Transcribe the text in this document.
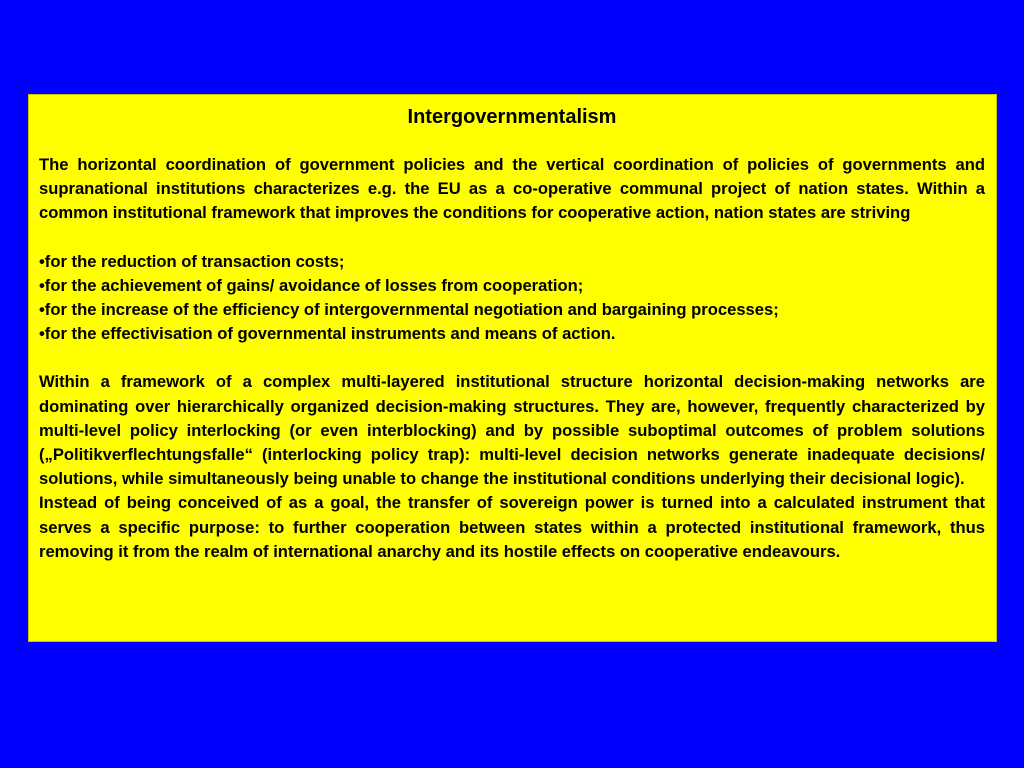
Intergovernmentalism

The horizontal coordination of government policies and the vertical coordination of policies of governments and supranational institutions characterizes e.g. the EU as a co-operative communal project of nation states. Within a common institutional framework that improves the conditions for cooperative action, nation states are striving

•for the reduction of transaction costs;
•for the achievement of gains/ avoidance of losses from cooperation;
•for the increase of the efficiency of intergovernmental negotiation and bargaining processes;
•for the effectivisation of governmental instruments and means of action.

Within a framework of a complex multi-layered institutional structure horizontal decision-making networks are dominating over hierarchically organized decision-making structures. They are, however, frequently characterized by multi-level policy interlocking (or even interblocking) and by possible suboptimal outcomes of problem solutions („Politikverflechtungsfalle“ (interlocking policy trap): multi-level decision networks generate inadequate decisions/ solutions, while simultaneously being unable to change the institutional conditions underlying their decisional logic).

Instead of being conceived of as a goal, the transfer of sovereign power is turned into a calculated instrument that serves a specific purpose: to further cooperation between states within a protected institutional framework, thus removing it from the realm of international anarchy and its hostile effects on cooperative endeavours.
